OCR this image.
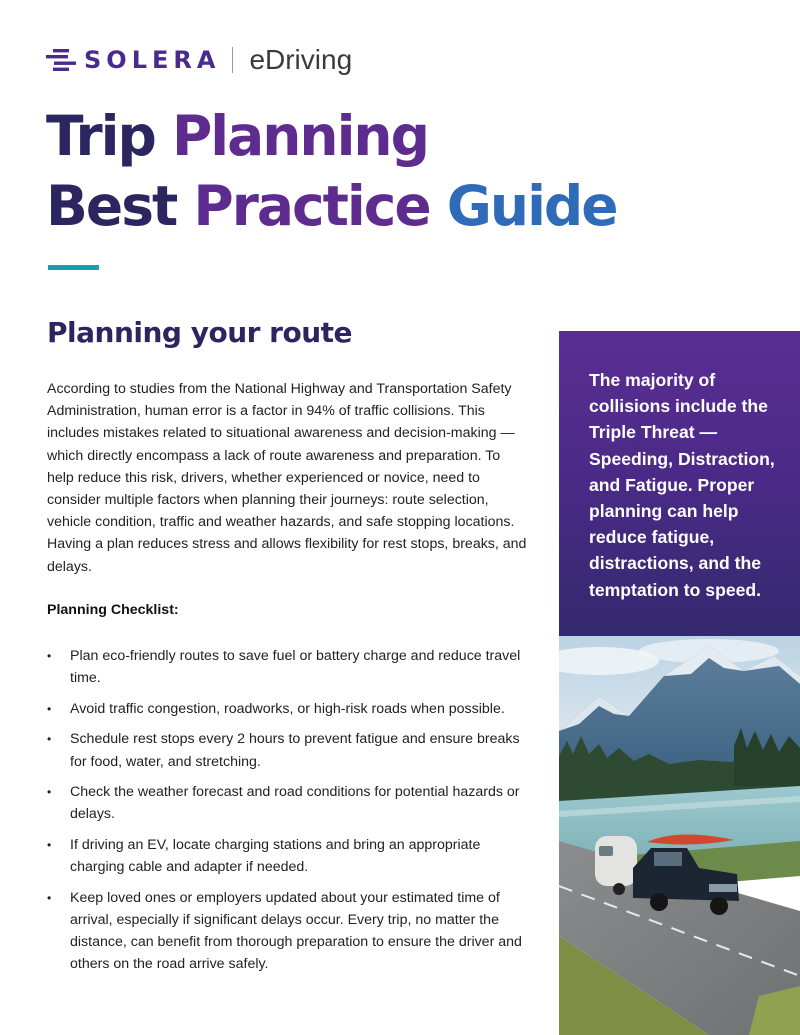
SOLERA eDriving
Trip Planning
Best Practice Guide
Planning your route

According to studies from the National Highway and Transportation Safety Administration, human error is a factor in 94% of traffic collisions. This includes mistakes related to situational awareness and decision-making — which directly encompass a lack of route awareness and preparation. To help reduce this risk, drivers, whether experienced or novice, need to consider multiple factors when planning their journeys: route selection, vehicle condition, traffic and weather hazards, and safe stopping locations. Having a plan reduces stress and allows flexibility for rest stops, breaks, and delays.

Planning Checklist:

• Plan eco-friendly routes to save fuel or battery charge and reduce travel time.
• Avoid traffic congestion, roadworks, or high-risk roads when possible.
• Schedule rest stops every 2 hours to prevent fatigue and ensure breaks for food, water, and stretching.
• Check the weather forecast and road conditions for potential hazards or delays.
• If driving an EV, locate charging stations and bring an appropriate charging cable and adapter if needed.
• Keep loved ones or employers updated about your estimated time of arrival, especially if significant delays occur. Every trip, no matter the distance, can benefit from thorough preparation to ensure the driver and others on the road arrive safely.

The majority of collisions include the Triple Threat — Speeding, Distraction, and Fatigue. Proper planning can help reduce fatigue, distractions, and the temptation to speed.
